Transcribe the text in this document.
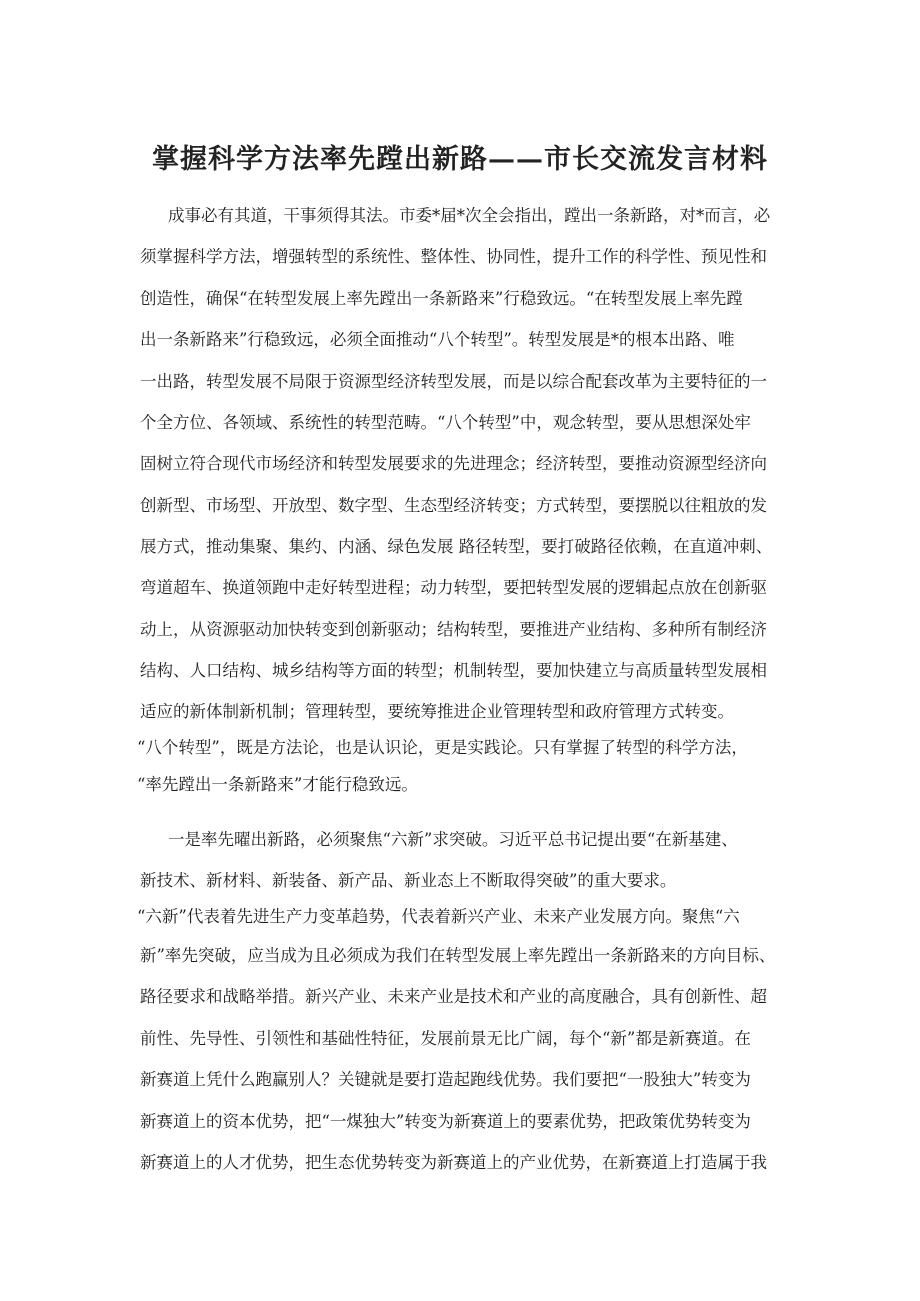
掌握科学方法率先蹚出新路——市长交流发言材料
成事必有其道，干事须得其法。市委*届*次全会指出，蹚出一条新路，对*而言，必
须掌握科学方法，增强转型的系统性、整体性、协同性，提升工作的科学性、预见性和
创造性，确保“在转型发展上率先蹚出一条新路来”行稳致远。“在转型发展上率先蹚
出一条新路来”行稳致远，必须全面推动“八个转型”。转型发展是*的根本出路、唯
一出路，转型发展不局限于资源型经济转型发展，而是以综合配套改革为主要特征的一
个全方位、各领域、系统性的转型范畴。“八个转型”中，观念转型，要从思想深处牢
固树立符合现代市场经济和转型发展要求的先进理念；经济转型，要推动资源型经济向
创新型、市场型、开放型、数字型、生态型经济转变；方式转型，要摆脱以往粗放的发
展方式，推动集聚、集约、内涵、绿色发展 路径转型，要打破路径依赖，在直道冲刺、
弯道超车、换道领跑中走好转型进程；动力转型，要把转型发展的逻辑起点放在创新驱
动上，从资源驱动加快转变到创新驱动；结构转型，要推进产业结构、多种所有制经济
结构、人口结构、城乡结构等方面的转型；机制转型，要加快建立与高质量转型发展相
适应的新体制新机制；管理转型，要统筹推进企业管理转型和政府管理方式转变。
“八个转型”，既是方法论，也是认识论，更是实践论。只有掌握了转型的科学方法，
“率先蹚出一条新路来”才能行稳致远。
一是率先曜出新路，必须聚焦“六新”求突破。习近平总书记提出要“在新基建、
新技术、新材料、新装备、新产品、新业态上不断取得突破”的重大要求。
“六新”代表着先进生产力变革趋势，代表着新兴产业、未来产业发展方向。聚焦“六
新”率先突破，应当成为且必须成为我们在转型发展上率先蹚出一条新路来的方向目标、
路径要求和战略举措。新兴产业、未来产业是技术和产业的高度融合，具有创新性、超
前性、先导性、引领性和基础性特征，发展前景无比广阔，每个“新”都是新赛道。在
新赛道上凭什么跑赢别人？关键就是要打造起跑线优势。我们要把“一股独大”转变为
新赛道上的资本优势，把“一煤独大”转变为新赛道上的要素优势，把政策优势转变为
新赛道上的人才优势，把生态优势转变为新赛道上的产业优势，在新赛道上打造属于我
